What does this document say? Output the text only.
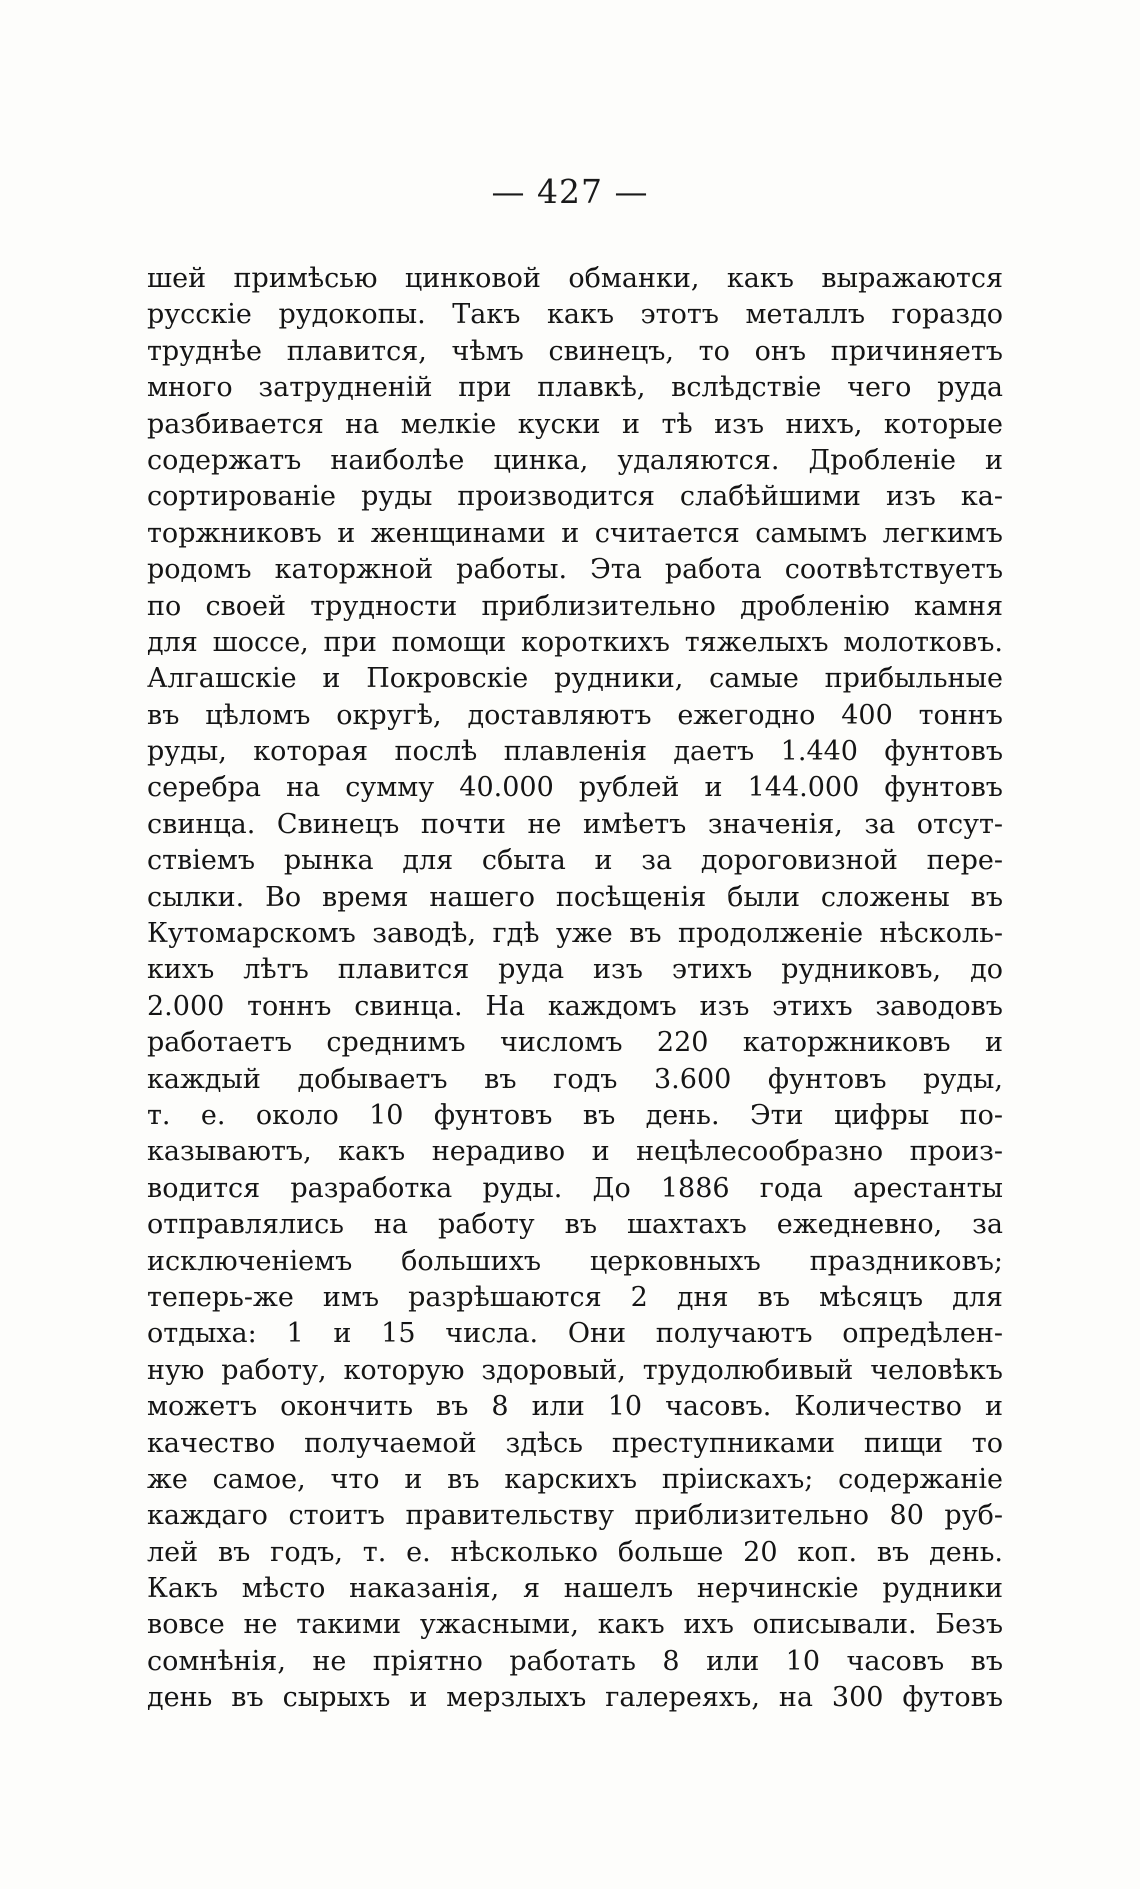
— 427 —
шей примѣсью цинковой обманки, какъ выражаются
русскіе рудокопы. Такъ какъ этотъ металлъ гораздо
труднѣе плавится, чѣмъ свинецъ, то онъ причиняетъ
много затрудненій при плавкѣ, вслѣдствіе чего руда
разбивается на мелкіе куски и тѣ изъ нихъ, которые
содержатъ наиболѣе цинка, удаляются. Дробленіе и
сортированіе руды производится слабѣйшими изъ ка-
торжниковъ и женщинами и считается самымъ легкимъ
родомъ каторжной работы. Эта работа соотвѣтствуетъ
по своей трудности приблизительно дробленію камня
для шоссе, при помощи короткихъ тяжелыхъ молотковъ.
Алгашскіе и Покровскіе рудники, самые прибыльные
въ цѣломъ округѣ, доставляютъ ежегодно 400 тоннъ
руды, которая послѣ плавленія даетъ 1.440 фунтовъ
серебра на сумму 40.000 рублей и 144.000 фунтовъ
свинца. Свинецъ почти не имѣетъ значенія, за отсут-
ствіемъ рынка для сбыта и за дороговизной пере-
сылки. Во время нашего посѣщенія были сложены въ
Кутомарскомъ заводѣ, гдѣ уже въ продолженіе нѣсколь-
кихъ лѣтъ плавится руда изъ этихъ рудниковъ, до
2.000 тоннъ свинца. На каждомъ изъ этихъ заводовъ
работаетъ среднимъ числомъ 220 каторжниковъ и
каждый добываетъ въ годъ 3.600 фунтовъ руды,
т. е. около 10 фунтовъ въ день. Эти цифры по-
казываютъ, какъ нерадиво и нецѣлесообразно произ-
водится разработка руды. До 1886 года арестанты
отправлялись на работу въ шахтахъ ежедневно, за
исключеніемъ большихъ церковныхъ праздниковъ;
теперь-же имъ разрѣшаются 2 дня въ мѣсяцъ для
отдыха: 1 и 15 числа. Они получаютъ опредѣлен-
ную работу, которую здоровый, трудолюбивый человѣкъ
можетъ окончить въ 8 или 10 часовъ. Количество и
качество получаемой здѣсь преступниками пищи то
же самое, что и въ карскихъ пріискахъ; содержаніе
каждаго стоитъ правительству приблизительно 80 руб-
лей въ годъ, т. е. нѣсколько больше 20 коп. въ день.
Какъ мѣсто наказанія, я нашелъ нерчинскіе рудники
вовсе не такими ужасными, какъ ихъ описывали. Безъ
сомнѣнія, не пріятно работать 8 или 10 часовъ въ
день въ сырыхъ и мерзлыхъ галереяхъ, на 300 футовъ
